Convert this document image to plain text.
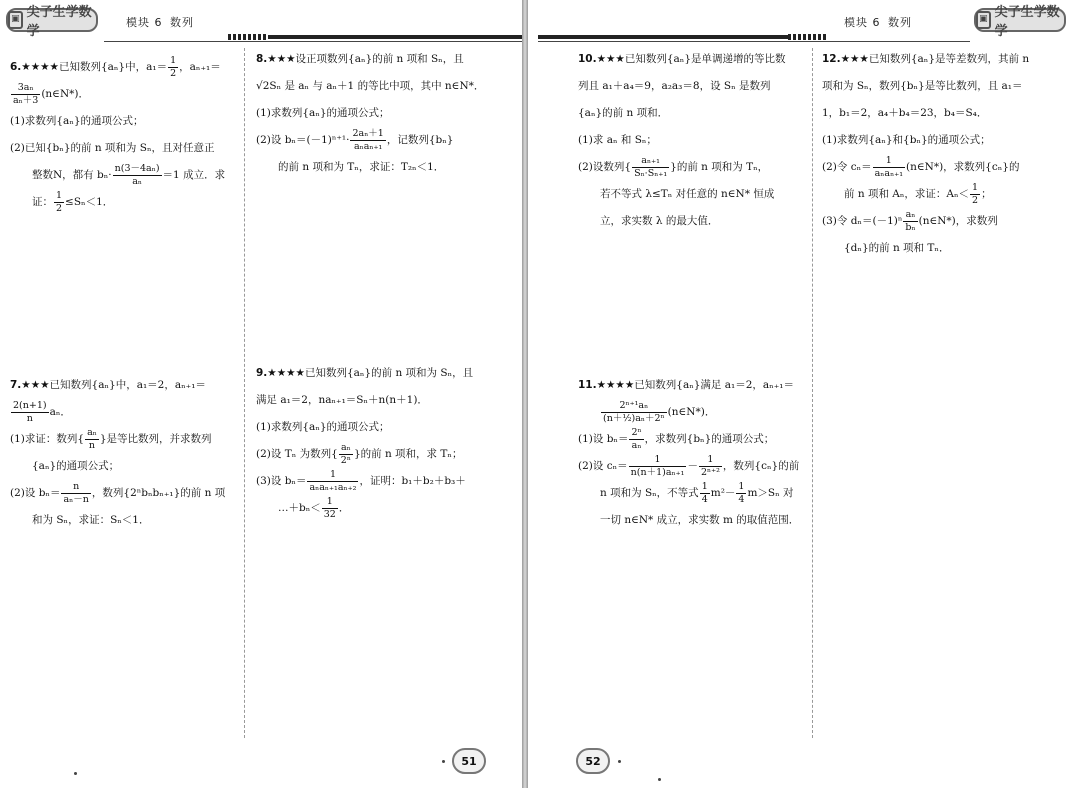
▣ 尖子生学数学
模块 6 数列

6.★★★★已知数列{aₙ}中，$a_1= \frac{1}{2}$ ，aₙ₊₁＝

$\frac{\text{3aₙ}}{\text{aₙ＋3}}$ (n∈N*)．

(1)求数列{aₙ}的通项公式；

(2)已知{bₙ}的前 n 项和为 Sₙ，且对任意正

整数N，都有 $b_n\cdot \frac{\text{n(3－4aₙ)}}{\text{aₙ}} =1$ 成立．求

证： $\frac{1}{2} \le S_n<1$．

7.★★★已知数列{aₙ}中，a₁＝2，aₙ₊₁＝

$\frac{2(n+1)}{n}$ aₙ．

(1)求证：数列{ $\frac{\text{aₙ}}{n}$ }是等比数列，并求数列

{aₙ}的通项公式；

(2)设 $b_n= \frac{n}{\text{aₙ－n}}$ ，数列{2ⁿbₙbₙ₊₁}的前 n 项

和为 Sₙ，求证：Sₙ＜1．

8.★★★设正项数列{aₙ}的前 n 项和 Sₙ，且

√2Sₙ 是 aₙ 与 aₙ＋1 的等比中项，其中 n∈N*．

(1)求数列{aₙ}的通项公式；

(2)设 $b_n=(-1)^{n+1}\cdot \frac{\text{2aₙ＋1}}{\text{aₙaₙ₊₁}}$ ，记数列{bₙ}

的前 n 项和为 Tₙ，求证：T₂ₙ＜1．

9.★★★★已知数列{aₙ}的前 n 项和为 Sₙ，且

满足 a₁＝2，naₙ₊₁＝Sₙ＋n(n＋1)．

(1)求数列{aₙ}的通项公式；

(2)设 Tₙ 为数列{ $\frac{\text{aₙ}}{\text{2ⁿ}}$ }的前 n 项和，求 Tₙ；

(3)设 $b_n= \frac{1}{\text{aₙaₙ₊₁aₙ₊₂}}$ ，证明：b₁＋b₂＋b₃＋

…＋bₙ＜ $\frac{1}{32}$ ．

51
模块 6 数列	▣ 尖子生学数学

10.★★★已知数列{aₙ}是单调递增的等比数

列且 a₁＋a₄＝9，a₂a₃＝8，设 Sₙ 是数列

{aₙ}的前 n 项和．

(1)求 aₙ 和 Sₙ；

(2)设数列{ $\frac{\text{aₙ₊₁}}{\text{Sₙ·Sₙ₊₁}}$ }的前 n 项和为 Tₙ，

若不等式 λ≤Tₙ 对任意的 n∈N* 恒成

立，求实数 λ 的最大值．

11.★★★★已知数列{aₙ}满足 a₁＝2，aₙ₊₁＝

$\frac{\text{2ⁿ⁺¹aₙ}}{\text{(n＋½)aₙ＋2ⁿ}}$ (n∈N*)．

(1)设 $b_n= \frac{\text{2ⁿ}}{\text{aₙ}}$ ，求数列{bₙ}的通项公式；

(2)设 $c_n= \frac{1}{\text{n(n＋1)aₙ₊₁}} - \frac{1}{\text{2ⁿ⁺²}}$ ，数列{cₙ}的前

n 项和为 Sₙ，不等式 $\frac{1}{4} m^2- \frac{1}{4} m>S_n$ 对

一切 n∈N* 成立，求实数 m 的取值范围．

12.★★★已知数列{aₙ}是等差数列，其前 n

项和为 Sₙ，数列{bₙ}是等比数列，且 a₁＝

1，b₁＝2，a₄＋b₄＝23，b₄＝S₄．

(1)求数列{aₙ}和{bₙ}的通项公式；

(2)令 $c_n= \frac{1}{\text{aₙaₙ₊₁}}$ (n∈N*)，求数列{cₙ}的

前 n 项和 Aₙ，求证：$A_n< \frac{1}{2}$ ；

(3)令 $d_n=(-1)^n \frac{\text{aₙ}}{\text{bₙ}}$ (n∈N*)，求数列

{dₙ}的前 n 项和 Tₙ．

52
